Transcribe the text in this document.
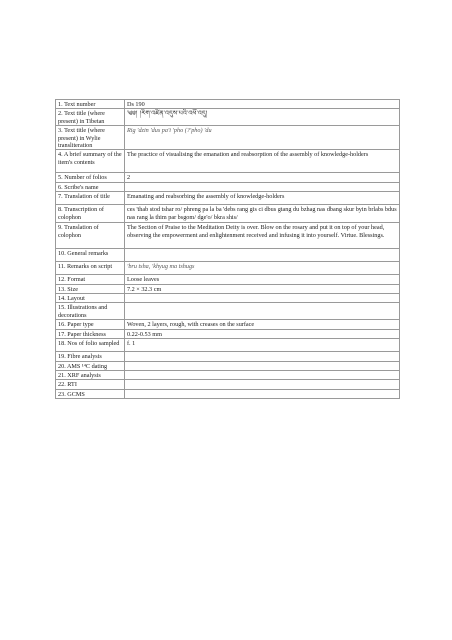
1. Text number	Ds 190
2. Text title (where present) in Tibetan	༄༅། །རིག་འཛིན་འདུས་པའི་འཕོ་འདུ།
3. Text title (where present) in Wylie transliteration	Rig 'dzin 'dus pa'i 'pho (?'pho) 'du
4. A brief summary of the item's contents	The practice of visualising the emanation and reabsorption of the assembly of knowledge-holders
5. Number of folios	2
6. Scribe's name	
7. Translation of title	Emanating and reabsorbing the assembly of knowledge-holders
8. Transcription of colophon	ces 'thab stod tshar ro/ phreng pa la ba 'debs rang gis ci dbus gtang du bzhag nas dbang skur byin brlabs bdus nas rang la thim par bsgom/ dge'o/ bkra shis/
9. Translation of colophon	The Section of Praise to the Meditation Deity is over. Blow on the rosary and put it on top of your head, observing the empowerment and enlightenment received and infusing it into yourself. Virtue. Blessings.
10. General remarks	
11. Remarks on script	'bru tsha, 'khyug ma tshugs
12. Format	Loose leaves
13. Size	7.2 × 32.3 cm
14. Layout	
15. Illustrations and decorations	
16. Paper type	Woven, 2 layers, rough, with creases on the surface
17. Paper thickness	0.22-0.53 mm
18. Nos of folio sampled	f. 1
19. Fibre analysis	
20. AMS ¹⁴C dating	
21. XRF analysis	
22. RTI	
23. GCMS	
